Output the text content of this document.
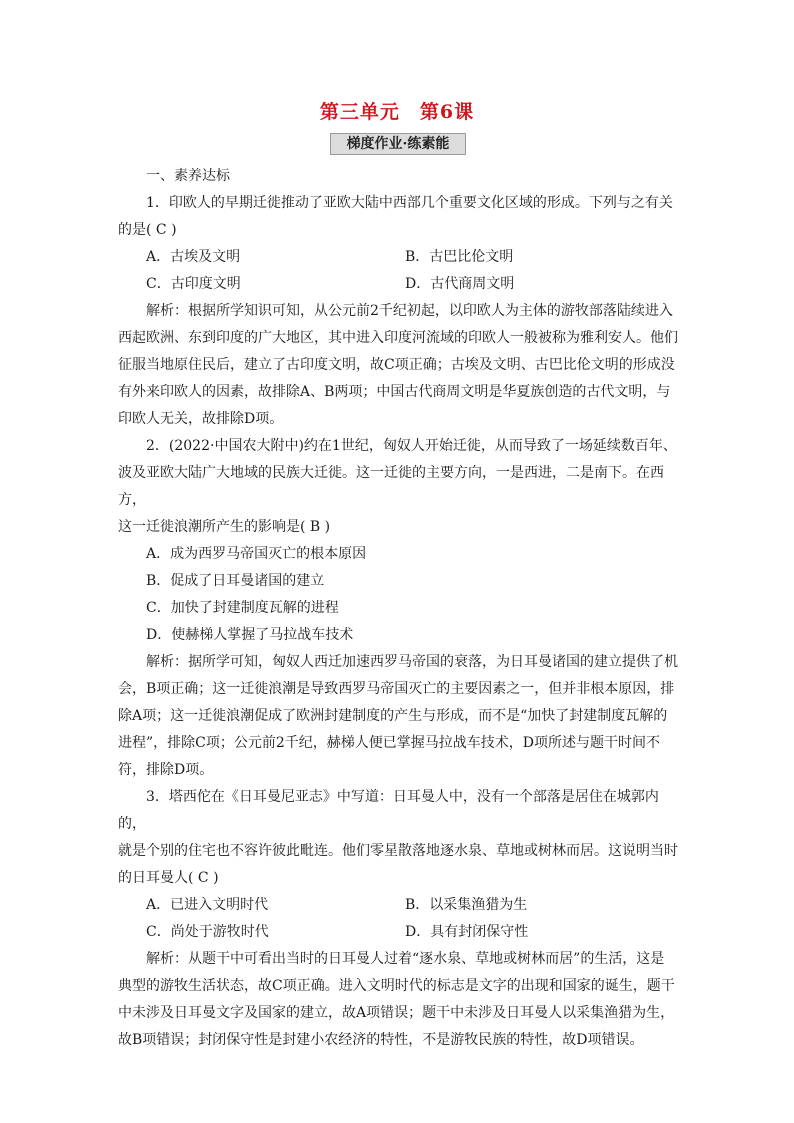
第三单元 第6课
梯度作业·练素能

一、素养达标

1．印欧人的早期迁徙推动了亚欧大陆中西部几个重要文化区域的形成。下列与之有关

的是( C )

A．古埃及文明	B．古巴比伦文明

C．古印度文明	D．古代商周文明

解析：根据所学知识可知，从公元前2千纪初起，以印欧人为主体的游牧部落陆续进入

西起欧洲、东到印度的广大地区，其中进入印度河流域的印欧人一般被称为雅利安人。他们

征服当地原住民后，建立了古印度文明，故C项正确；古埃及文明、古巴比伦文明的形成没

有外来印欧人的因素，故排除A、B两项；中国古代商周文明是华夏族创造的古代文明，与

印欧人无关，故排除D项。

2．(2022·中国农大附中)约在1世纪，匈奴人开始迁徙，从而导致了一场延续数百年、

波及亚欧大陆广大地域的民族大迁徙。这一迁徙的主要方向，一是西进，二是南下。在西方，

这一迁徙浪潮所产生的影响是( B )

A．成为西罗马帝国灭亡的根本原因

B．促成了日耳曼诸国的建立

C．加快了封建制度瓦解的进程

D．使赫梯人掌握了马拉战车技术

解析：据所学可知，匈奴人西迁加速西罗马帝国的衰落，为日耳曼诸国的建立提供了机

会，B项正确；这一迁徙浪潮是导致西罗马帝国灭亡的主要因素之一，但并非根本原因，排

除A项；这一迁徙浪潮促成了欧洲封建制度的产生与形成，而不是“加快了封建制度瓦解的

进程”，排除C项；公元前2千纪，赫梯人便已掌握马拉战车技术，D项所述与题干时间不

符，排除D项。

3．塔西佗在《日耳曼尼亚志》中写道：日耳曼人中，没有一个部落是居住在城郭内的，

就是个别的住宅也不容许彼此毗连。他们零星散落地逐水泉、草地或树林而居。这说明当时

的日耳曼人( C )

A．已进入文明时代	B．以采集渔猎为生

C．尚处于游牧时代	D．具有封闭保守性

解析：从题干中可看出当时的日耳曼人过着“逐水泉、草地或树林而居”的生活，这是

典型的游牧生活状态，故C项正确。进入文明时代的标志是文字的出现和国家的诞生，题干

中未涉及日耳曼文字及国家的建立，故A项错误；题干中未涉及日耳曼人以采集渔猎为生，

故B项错误；封闭保守性是封建小农经济的特性，不是游牧民族的特性，故D项错误。
